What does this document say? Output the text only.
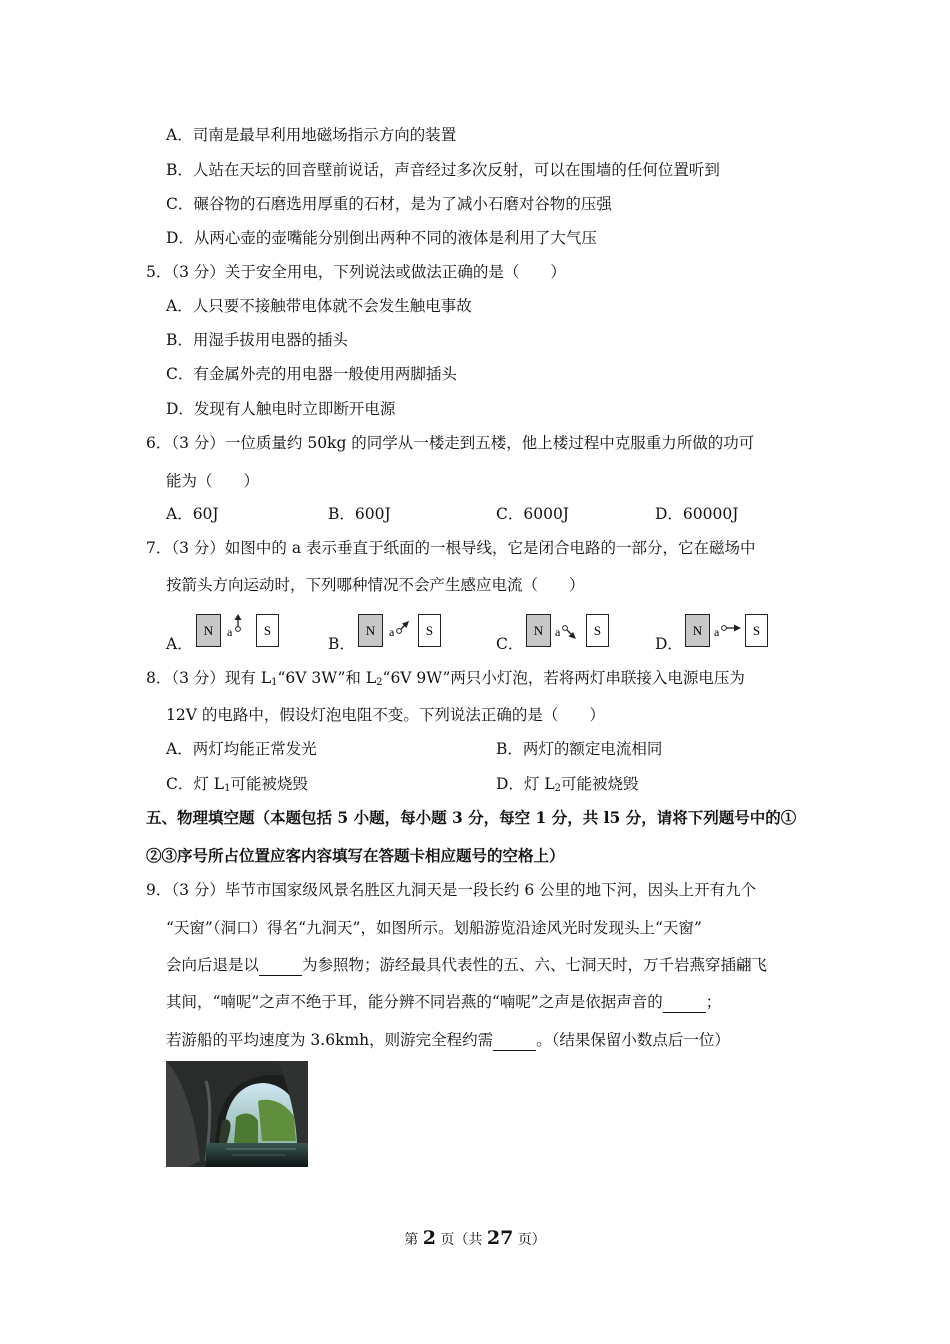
A．司南是最早利用地磁场指示方向的装置
B．人站在天坛的回音壁前说话，声音经过多次反射，可以在围墙的任何位置听到
C．碾谷物的石磨选用厚重的石材，是为了减小石磨对谷物的压强
D．从两心壶的壶嘴能分别倒出两种不同的液体是利用了大气压
5．（3 分）关于安全用电，下列说法或做法正确的是（　　）
A．人只要不接触带电体就不会发生触电事故
B．用湿手拔用电器的插头
C．有金属外壳的用电器一般使用两脚插头
D．发现有人触电时立即断开电源
6．（3 分）一位质量约 50kg 的同学从一楼走到五楼，他上楼过程中克服重力所做的功可
能为（　　）
A．60J	B．600J	C．6000J	D．60000J
7．（3 分）如图中的 a 表示垂直于纸面的一根导线，它是闭合电路的一部分，它在磁场中
按箭头方向运动时，下列哪种情况不会产生感应电流（　　）
A．
N a S
B．
N a S
C．
N a	S
D．
N a	S
8．（3 分）现有 $L_1“6V$ 3W”和 $L_2“6V$ 9W”两只小灯泡，若将两灯串联接入电源电压为
12V 的电路中，假设灯泡电阻不变。下列说法正确的是（　　）
A．两灯均能正常发光	B．两灯的额定电流相同
C．灯 $L_1$可能被烧毁	D．灯 $L_2$可能被烧毁
五、物理填空题（本题包括 5 小题，每小题 3 分，每空 1 分，共 l5 分，请将下列题号中的①
②③序号所占位置应客内容填写在答题卡相应题号的空格上）
9．（3 分）毕节市国家级风景名胜区九洞天是一段长约 6 公里的地下河，因头上开有九个
“天窗”（洞口）得名“九洞天”，如图所示。划船游览沿途风光时发现头上“天窗”
会向后退是以	为参照物；游经最具代表性的五、六、七洞天时，万千岩燕穿插翩飞
其间，“喃呢”之声不绝于耳，能分辨不同岩燕的“喃呢”之声是依据声音的	；
若游船的平均速度为 3.6kmh，则游完全程约需	。（结果保留小数点后一位）
第 2 页（共 27 页）
